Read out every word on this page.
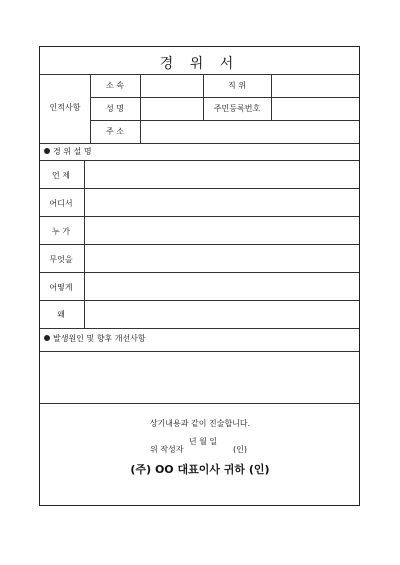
경 위 서
인적사항
소 속
성 명
주 소
직 위
주민등록번호
경 위 설 명
언 제
어디서
누 가
무엇을
어떻게
왜
발생원인 및 향후 개선사항
상기내용과 같이 진술합니다.
년 월 일
위 작성자	(인)
(주) OO 대표이사 귀하 (인)
